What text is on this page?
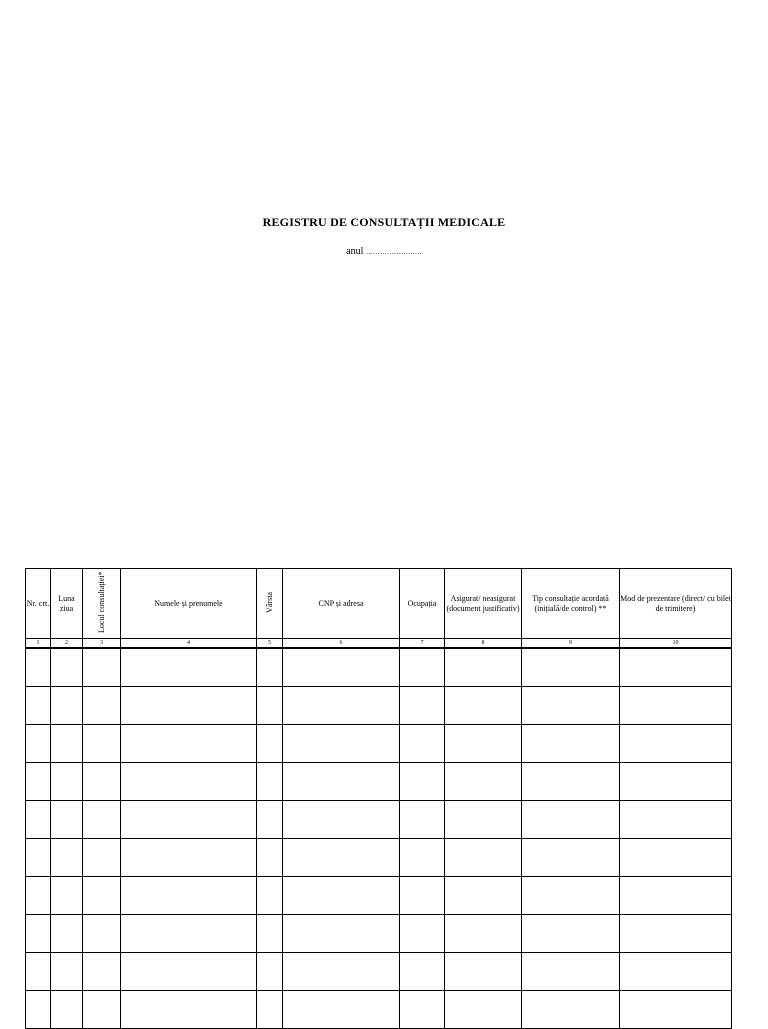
REGISTRU DE CONSULTAȚII MEDICALE
anul ……………………
Nr. crt.	Luna ziua	Locul consultației*	Numele și prenumele	Vârsta	CNP și adresa	Ocupația	Asigurat/ neasigurat (document justificativ)	Tip consultație acordată (inițială/de control) **	Mod de prezentare (direct/ cu bilet de trimitere)
1	2	3	4	5	6	7	8	9	10
